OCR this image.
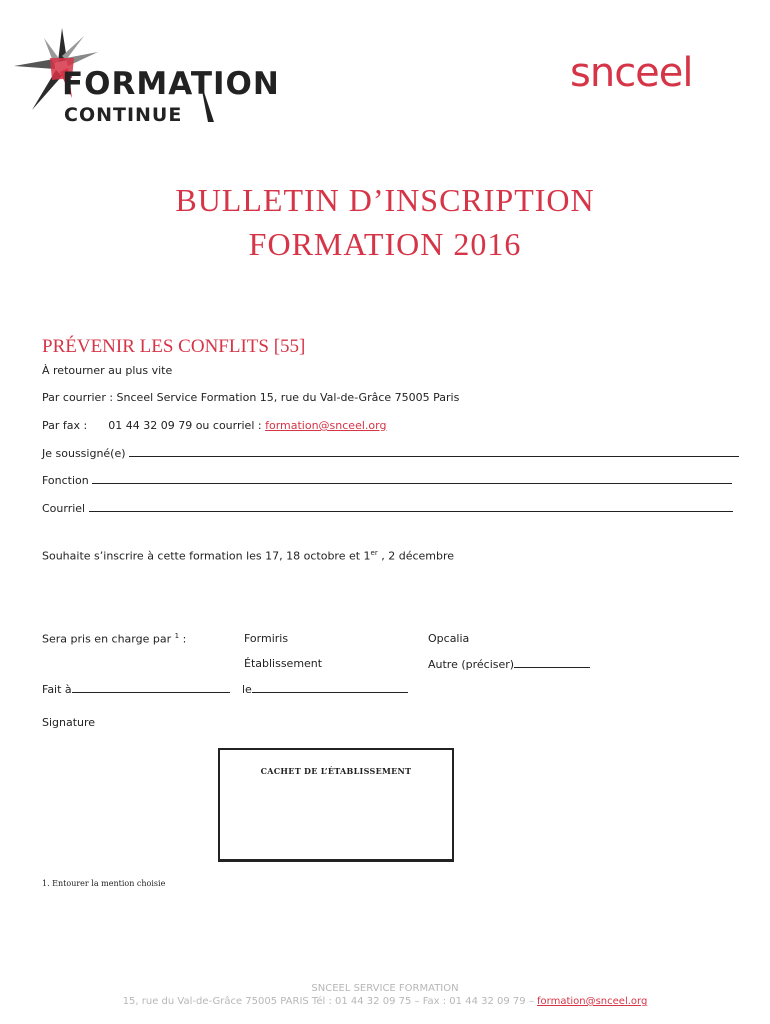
FORMATION
CONTINUE
snceel
BULLETIN D’INSCRIPTION
FORMATION 2016
PRÉVENIR LES CONFLITS [55]
À retourner au plus vite
Par courrier : Snceel Service Formation 15, rue du Val-de-Grâce 75005 Paris
Par fax : 01 44 32 09 79 ou courriel : formation@snceel.org
Je soussigné(e)
Fonction
Courriel
Souhaite s’inscrire à cette formation les 17, 18 octobre et 1er , 2 décembre
Sera pris en charge par $^1$ :	Formiris	Opcalia
Établissement	Autre (préciser)
Fait à	le
Signature
CACHET DE L’ÉTABLISSEMENT
1. Entourer la mention choisie
SNCEEL SERVICE FORMATION
15, rue du Val-de-Grâce 75005 PARIS Tél : 01 44 32 09 75 – Fax : 01 44 32 09 79 – formation@snceel.org
